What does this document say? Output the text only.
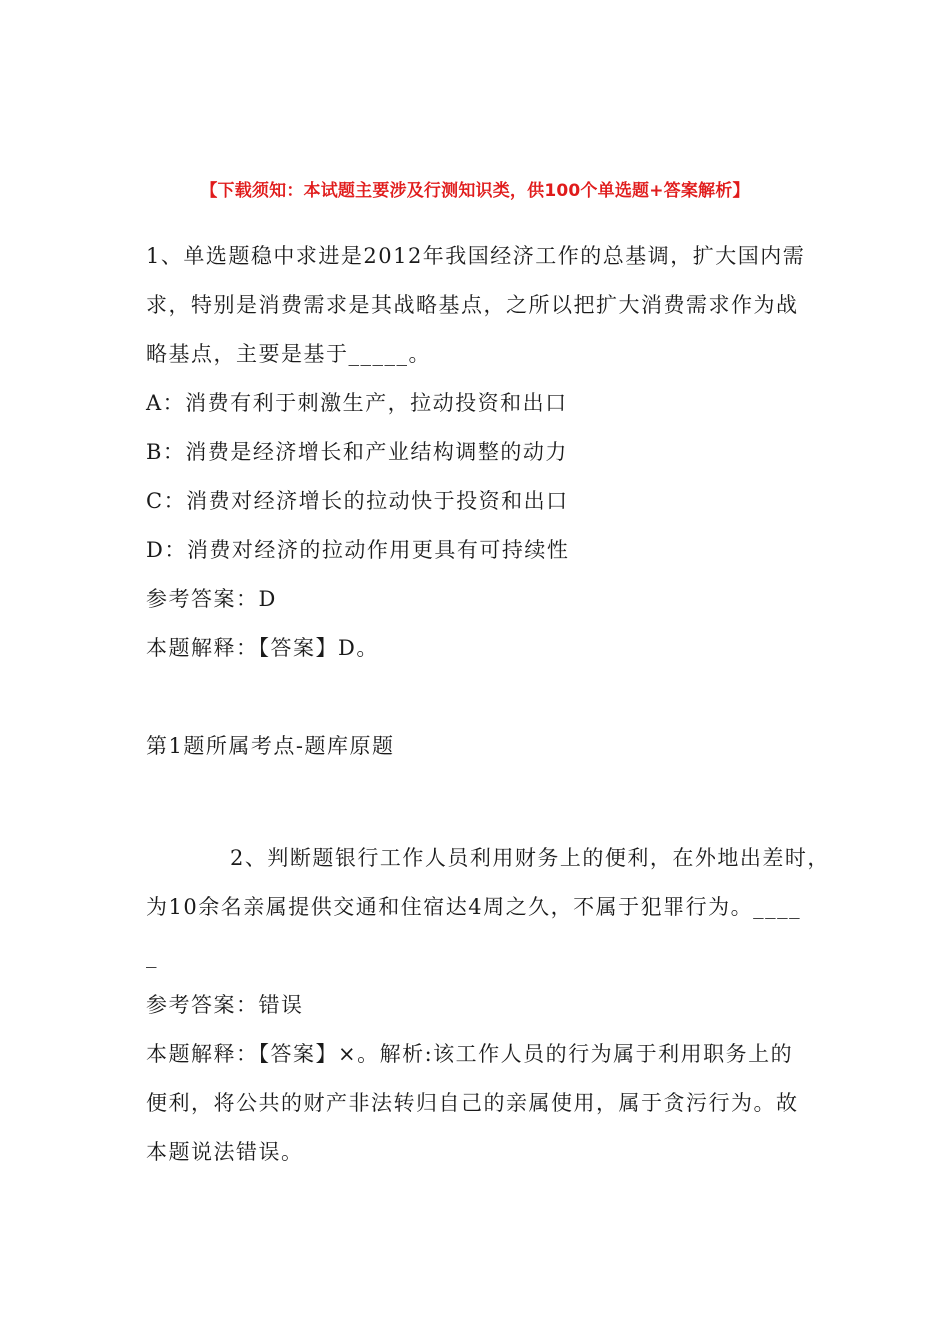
【下载须知：本试题主要涉及行测知识类，供100个单选题+答案解析】

1、单选题稳中求进是2012年我国经济工作的总基调，扩大国内需

求，特别是消费需求是其战略基点，之所以把扩大消费需求作为战

略基点，主要是基于_____。

A：消费有利于刺激生产，拉动投资和出口

B：消费是经济增长和产业结构调整的动力

C：消费对经济增长的拉动快于投资和出口

D：消费对经济的拉动作用更具有可持续性

参考答案：D

本题解释：【答案】D。

第1题所属考点-题库原题

2、判断题银行工作人员利用财务上的便利，在外地出差时，

为10余名亲属提供交通和住宿达4周之久，不属于犯罪行为。____

_

参考答案：错误

本题解释：【答案】×。解析:该工作人员的行为属于利用职务上的

便利，将公共的财产非法转归自己的亲属使用，属于贪污行为。故

本题说法错误。
